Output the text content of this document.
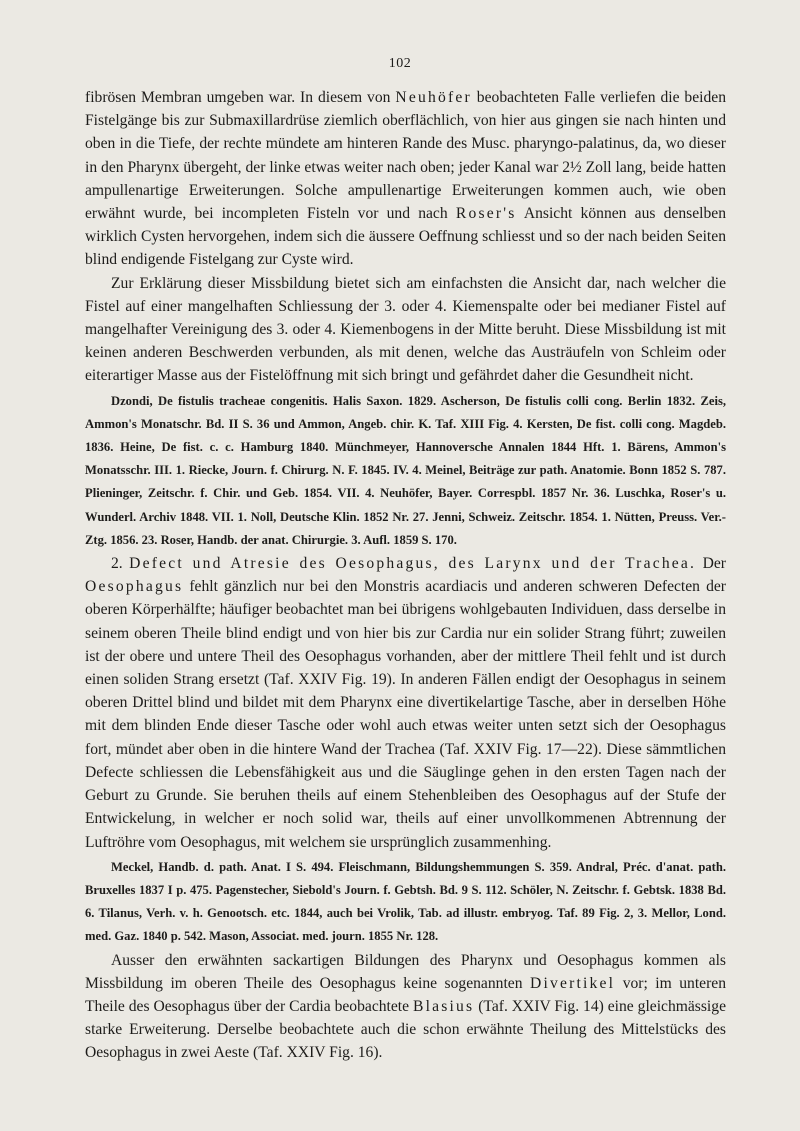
102

fibrösen Membran umgeben war. In diesem von Neuhöfer beobachteten Falle verliefen die beiden Fistelgänge bis zur Submaxillardrüse ziemlich oberflächlich, von hier aus gingen sie nach hinten und oben in die Tiefe, der rechte mündete am hinteren Rande des Musc. pharyngo-palatinus, da, wo dieser in den Pharynx übergeht, der linke etwas weiter nach oben; jeder Kanal war 2½ Zoll lang, beide hatten ampullenartige Erweiterungen. Solche ampullenartige Erweiterungen kommen auch, wie oben erwähnt wurde, bei incompleten Fisteln vor und nach Roser's Ansicht können aus denselben wirklich Cysten hervorgehen, indem sich die äussere Oeffnung schliesst und so der nach beiden Seiten blind endigende Fistelgang zur Cyste wird.

Zur Erklärung dieser Missbildung bietet sich am einfachsten die Ansicht dar, nach welcher die Fistel auf einer mangelhaften Schliessung der 3. oder 4. Kiemenspalte oder bei medianer Fistel auf mangelhafter Vereinigung des 3. oder 4. Kiemenbogens in der Mitte beruht. Diese Missbildung ist mit keinen anderen Beschwerden verbunden, als mit denen, welche das Austräufeln von Schleim oder eiterartiger Masse aus der Fistelöffnung mit sich bringt und gefährdet daher die Gesundheit nicht.

Dzondi, De fistulis tracheae congenitis. Halis Saxon. 1829. Ascherson, De fistulis colli cong. Berlin 1832. Zeis, Ammon's Monatschr. Bd. II S. 36 und Ammon, Angeb. chir. K. Taf. XIII Fig. 4. Kersten, De fist. colli cong. Magdeb. 1836. Heine, De fist. c. c. Hamburg 1840. Münchmeyer, Hannoversche Annalen 1844 Hft. 1. Bärens, Ammon's Monatsschr. III. 1. Riecke, Journ. f. Chirurg. N. F. 1845. IV. 4. Meinel, Beiträge zur path. Anatomie. Bonn 1852 S. 787. Plieninger, Zeitschr. f. Chir. und Geb. 1854. VII. 4. Neuhöfer, Bayer. Correspbl. 1857 Nr. 36. Luschka, Roser's u. Wunderl. Archiv 1848. VII. 1. Noll, Deutsche Klin. 1852 Nr. 27. Jenni, Schweiz. Zeitschr. 1854. 1. Nütten, Preuss. Ver.-Ztg. 1856. 23. Roser, Handb. der anat. Chirurgie. 3. Aufl. 1859 S. 170.

2. Defect und Atresie des Oesophagus, des Larynx und der Trachea. Der Oesophagus fehlt gänzlich nur bei den Monstris acardiacis und anderen schweren Defecten der oberen Körperhälfte; häufiger beobachtet man bei übrigens wohlgebauten Individuen, dass derselbe in seinem oberen Theile blind endigt und von hier bis zur Cardia nur ein solider Strang führt; zuweilen ist der obere und untere Theil des Oesophagus vorhanden, aber der mittlere Theil fehlt und ist durch einen soliden Strang ersetzt (Taf. XXIV Fig. 19). In anderen Fällen endigt der Oesophagus in seinem oberen Drittel blind und bildet mit dem Pharynx eine divertikelartige Tasche, aber in derselben Höhe mit dem blinden Ende dieser Tasche oder wohl auch etwas weiter unten setzt sich der Oesophagus fort, mündet aber oben in die hintere Wand der Trachea (Taf. XXIV Fig. 17—22). Diese sämmtlichen Defecte schliessen die Lebensfähigkeit aus und die Säuglinge gehen in den ersten Tagen nach der Geburt zu Grunde. Sie beruhen theils auf einem Stehenbleiben des Oesophagus auf der Stufe der Entwickelung, in welcher er noch solid war, theils auf einer unvollkommenen Abtrennung der Luftröhre vom Oesophagus, mit welchem sie ursprünglich zusammenhing.

Meckel, Handb. d. path. Anat. I S. 494. Fleischmann, Bildungshemmungen S. 359. Andral, Préc. d'anat. path. Bruxelles 1837 I p. 475. Pagenstecher, Siebold's Journ. f. Gebtsh. Bd. 9 S. 112. Schöler, N. Zeitschr. f. Gebtsk. 1838 Bd. 6. Tilanus, Verh. v. h. Genootsch. etc. 1844, auch bei Vrolik, Tab. ad illustr. embryog. Taf. 89 Fig. 2, 3. Mellor, Lond. med. Gaz. 1840 p. 542. Mason, Associat. med. journ. 1855 Nr. 128.

Ausser den erwähnten sackartigen Bildungen des Pharynx und Oesophagus kommen als Missbildung im oberen Theile des Oesophagus keine sogenannten Divertikel vor; im unteren Theile des Oesophagus über der Cardia beobachtete Blasius (Taf. XXIV Fig. 14) eine gleichmässige starke Erweiterung. Derselbe beobachtete auch die schon erwähnte Theilung des Mittelstücks des Oesophagus in zwei Aeste (Taf. XXIV Fig. 16).
